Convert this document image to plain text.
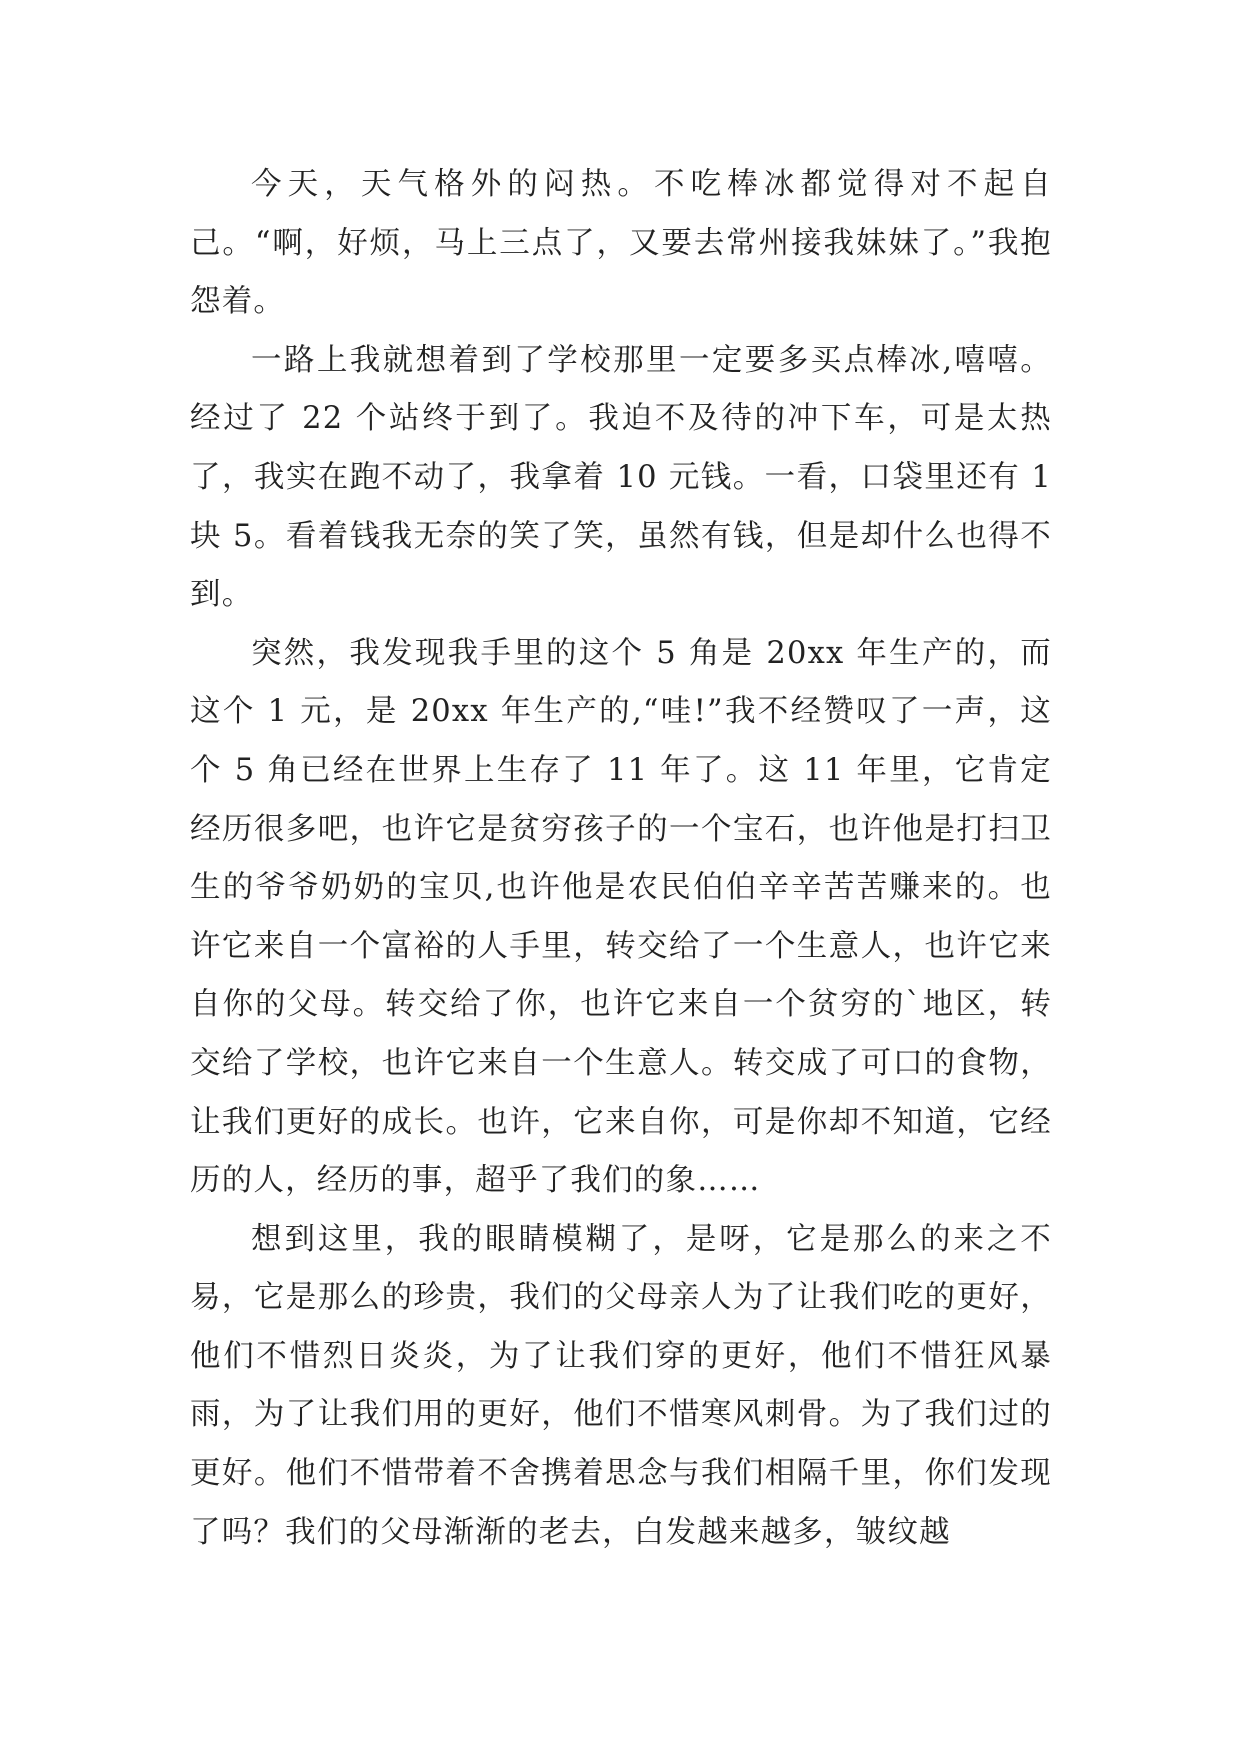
今天，天气格外的闷热。不吃棒冰都觉得对不起自己。“啊，好烦，马上三点了，又要去常州接我妹妹了。”我抱怨着。

一路上我就想着到了学校那里一定要多买点棒冰,嘻嘻。经过了 22 个站终于到了。我迫不及待的冲下车，可是太热了，我实在跑不动了，我拿着 10 元钱。一看，口袋里还有 1 块 5。看着钱我无奈的笑了笑，虽然有钱，但是却什么也得不到。

突然，我发现我手里的这个 5 角是 20xx 年生产的，而这个 1 元，是 20xx 年生产的,“哇!”我不经赞叹了一声，这个 5 角已经在世界上生存了 11 年了。这 11 年里，它肯定经历很多吧，也许它是贫穷孩子的一个宝石，也许他是打扫卫生的爷爷奶奶的宝贝,也许他是农民伯伯辛辛苦苦赚来的。也许它来自一个富裕的人手里，转交给了一个生意人，也许它来自你的父母。转交给了你，也许它来自一个贫穷的`地区，转交给了学校，也许它来自一个生意人。转交成了可口的食物，让我们更好的成长。也许，它来自你，可是你却不知道，它经历的人，经历的事，超乎了我们的象……

想到这里，我的眼睛模糊了，是呀，它是那么的来之不易，它是那么的珍贵，我们的父母亲人为了让我们吃的更好，他们不惜烈日炎炎，为了让我们穿的更好，他们不惜狂风暴雨，为了让我们用的更好，他们不惜寒风刺骨。为了我们过的更好。他们不惜带着不舍携着思念与我们相隔千里，你们发现了吗？我们的父母渐渐的老去，白发越来越多，皱纹越
